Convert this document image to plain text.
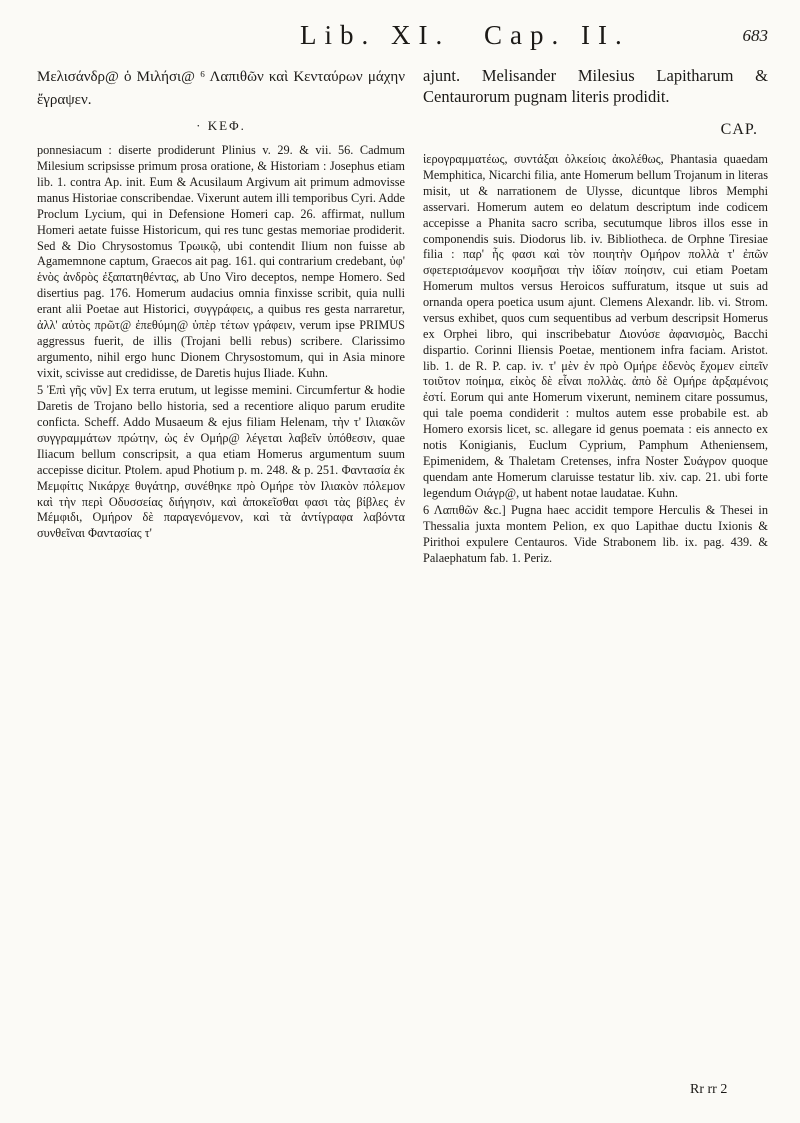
Lib. XI. Cap. II.	683

Μελισάνδρ@ ὁ Μιλήσι@ ⁶ Λαπιθῶν καὶ Κενταύρων μάχην ἔγραψεν.

· ΚΕΦ.

ponnesiacum : diserte prodiderunt Plinius v. 29. & vii. 56. Cadmum Milesium scripsisse primum prosa oratione, & Historiam : Josephus etiam lib. 1. contra Ap. init. Eum & Acusilaum Argivum ait primum admovisse manus Historiae conscribendae. Vixerunt autem illi temporibus Cyri. Adde Proclum Lycium, qui in Defensione Homeri cap. 26. affirmat, nullum Homeri aetate fuisse Historicum, qui res tunc gestas memoriae prodiderit. Sed & Dio Chrysostomus Τρωικῷ, ubi contendit Ilium non fuisse ab Agamemnone captum, Graecos ait pag. 161. qui contrarium credebant, ὑφ' ἑνὸς ἀνδρὸς ἐξαπατηθέντας, ab Uno Viro deceptos, nempe Homero. Sed disertius pag. 176. Homerum audacius omnia finxisse scribit, quia nulli erant alii Poetae aut Historici, συγγράφεις, a quibus res gesta narraretur, ἀλλ' αὐτὸς πρῶτ@ ἐπεθύμη@ ὑπὲρ τέτων γράφειν, verum ipse PRIMUS aggressus fuerit, de illis (Trojani belli rebus) scribere. Clarissimo argumento, nihil ergo hunc Dionem Chrysostomum, qui in Asia minore vixit, scivisse aut credidisse, de Daretis hujus Iliade. Kuhn.

5 Ἐπὶ γῆς νῦν] Ex terra erutum, ut legisse memini. Circumfertur & hodie Daretis de Trojano bello historia, sed a recentiore aliquo parum erudite conficta. Scheff. Addo Musaeum & ejus filiam Helenam, τὴν τ' Ιλιακῶν συγγραμμάτων πρώτην, ὡς ἐν Ομήρ@ λέγεται λαβεῖν ὑπόθεσιν, quae Iliacum bellum conscripsit, a qua etiam Homerus argumentum suum accepisse dicitur. Ptolem. apud Photium p. m. 248. & p. 251. Φαντασία ἐκ Μεμφίτις Νικάρχε θυγάτηρ, συνέθηκε πρὸ Ομήρε τὸν Ιλιακὸν πόλεμον καὶ τὴν περὶ Οδυσσείας διήγησιν, καὶ ἀποκεῖσθαι φασι τὰς βίβλες ἐν Μέμφιδι, Ομήρον δὲ παραγενόμενον, καὶ τὰ ἀντίγραφα λαβόντα συνθεῖναι Φαντασίας τ'

ajunt. Melisander Milesius Lapitharum & Centaurorum pugnam literis prodidit.

CAP.

ἱερογραμματέως, συντάξαι ὀλκείοις ἀκολέθως, Phantasia quaedam Memphitica, Nicarchi filia, ante Homerum bellum Trojanum in literas misit, ut & narrationem de Ulysse, dicuntque libros Memphi asservari. Homerum autem eo delatum descriptum inde codicem accepisse a Phanita sacro scriba, secutumque libros illos esse in componendis suis. Diodorus lib. iv. Bibliotheca. de Orphne Tiresiae filia : παρ' ἧς φασι καὶ τὸν ποιητὴν Ομήρον πολλὰ τ' ἐπῶν σφετερισάμενον κοσμῆσαι τὴν ἰδίαν ποίησιν, cui etiam Poetam Homerum multos versus Heroicos suffuratum, itsque ut suis ad ornanda opera poetica usum ajunt. Clemens Alexandr. lib. vi. Strom. versus exhibet, quos cum sequentibus ad verbum descripsit Homerus ex Orphei libro, qui inscribebatur Διονύσε ἀφανισμὸς, Bacchi dispartio. Corinni Iliensis Poetae, mentionem infra faciam. Aristot. lib. 1. de R. P. cap. iv. τ' μὲν ἐν πρὸ Ομήρε ἐδενὸς ἔχομεν εἰπεῖν τοιῦτον ποίημα, εἰκὸς δὲ εἶναι πολλὰς. ἀπὸ δὲ Ομήρε ἀρξαμένοις ἐστί. Eorum qui ante Homerum vixerunt, neminem citare possumus, qui tale poema condiderit : multos autem esse probabile est. ab Homero exorsis licet, sc. allegare id genus poemata : eis annecto ex notis Konigianis, Euclum Cyprium, Pamphum Atheniensem, Epimenidem, & Thaletam Cretenses, infra Noster Συάγρον quoque quendam ante Homerum claruisse testatur lib. xiv. cap. 21. ubi forte legendum Οιάγρ@, ut habent notae laudatae. Kuhn.

6 Λαπιθῶν &c.] Pugna haec accidit tempore Herculis & Thesei in Thessalia juxta montem Pelion, ex quo Lapithae ductu Ixionis & Pirithoi expulere Centauros. Vide Strabonem lib. ix. pag. 439. & Palaephatum fab. 1. Periz.

Rr rr 2
